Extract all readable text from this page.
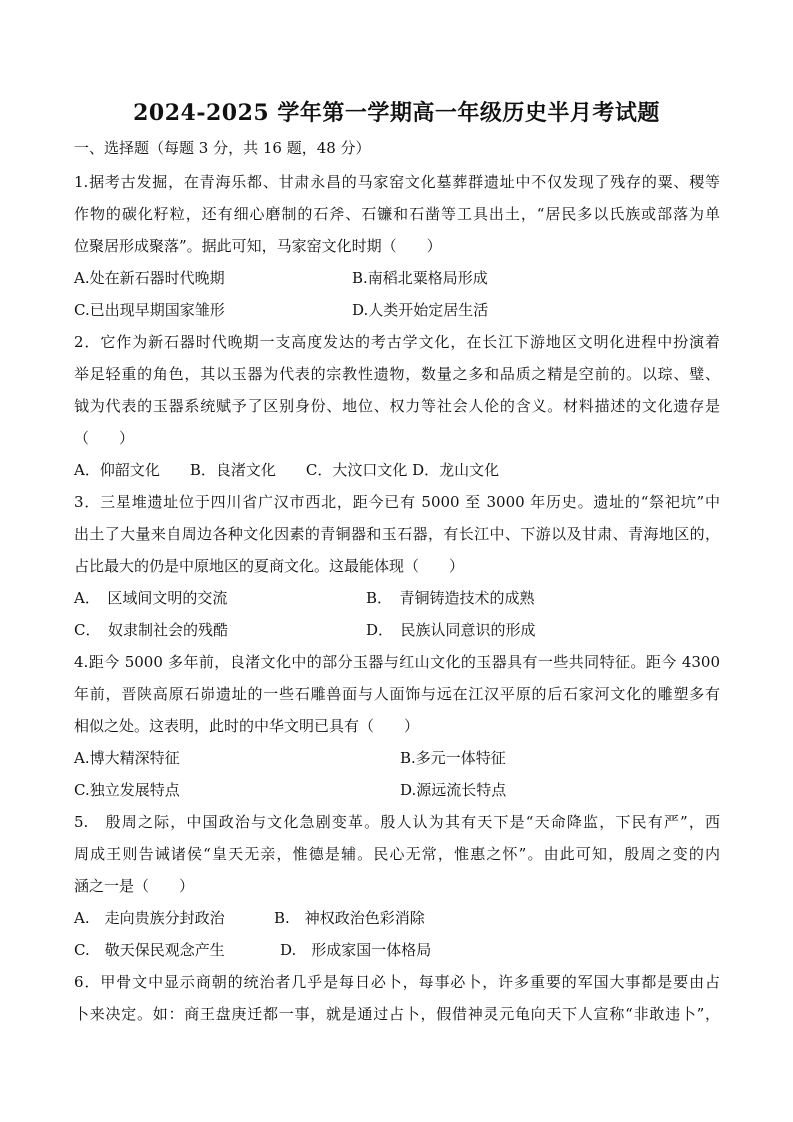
2024-2025 学年第一学期高一年级历史半月考试题
一、选择题（每题 3 分，共 16 题，48 分）
1.据考古发掘，在青海乐都、甘肃永昌的马家窑文化墓葬群遗址中不仅发现了残存的粟、稷等
作物的碳化籽粒，还有细心磨制的石斧、石镰和石凿等工具出土，“居民多以氏族或部落为单
位聚居形成聚落”。据此可知，马家窑文化时期（　　）
A.处在新石器时代晚期	B.南稻北粟格局形成
C.已出现早期国家雏形	D.人类开始定居生活
2．它作为新石器时代晚期一支高度发达的考古学文化，在长江下游地区文明化进程中扮演着
举足轻重的角色，其以玉器为代表的宗教性遗物，数量之多和品质之精是空前的。以琮、璧、
钺为代表的玉器系统赋予了区别身份、地位、权力等社会人伦的含义。材料描述的文化遗存是
（　　）
A．仰韶文化　　B．良渚文化　　C．大汶口文化 D．龙山文化
3．三星堆遗址位于四川省广汉市西北，距今已有 5000 至 3000 年历史。遗址的“祭祀坑”中
出土了大量来自周边各种文化因素的青铜器和玉石器，有长江中、下游以及甘肃、青海地区的，
占比最大的仍是中原地区的夏商文化。这最能体现（　　）
A．　区域间文明的交流	B．　青铜铸造技术的成熟
C．　奴隶制社会的残酷	D．　民族认同意识的形成
4.距今 5000 多年前，良渚文化中的部分玉器与红山文化的玉器具有一些共同特征。距今 4300
年前，晋陕高原石峁遗址的一些石雕兽面与人面饰与远在江汉平原的后石家河文化的雕塑多有
相似之处。这表明，此时的中华文明已具有（　　）
A.博大精深特征	B.多元一体特征
C.独立发展特点	D.源远流长特点
5.　殷周之际，中国政治与文化急剧变革。殷人认为其有天下是“天命降监，下民有严”，西
周成王则告诫诸侯“皇天无亲，惟德是辅。民心无常，惟惠之怀”。由此可知，殷周之变的内
涵之一是（　　）
A.　走向贵族分封政治	B.　神权政治色彩消除
C.　敬天保民观念产生	D.　形成家国一体格局
6．甲骨文中显示商朝的统治者几乎是每日必卜，每事必卜，许多重要的军国大事都是要由占
卜来决定。如：商王盘庚迁都一事，就是通过占卜，假借神灵元龟向天下人宣称“非敢违卜”，
